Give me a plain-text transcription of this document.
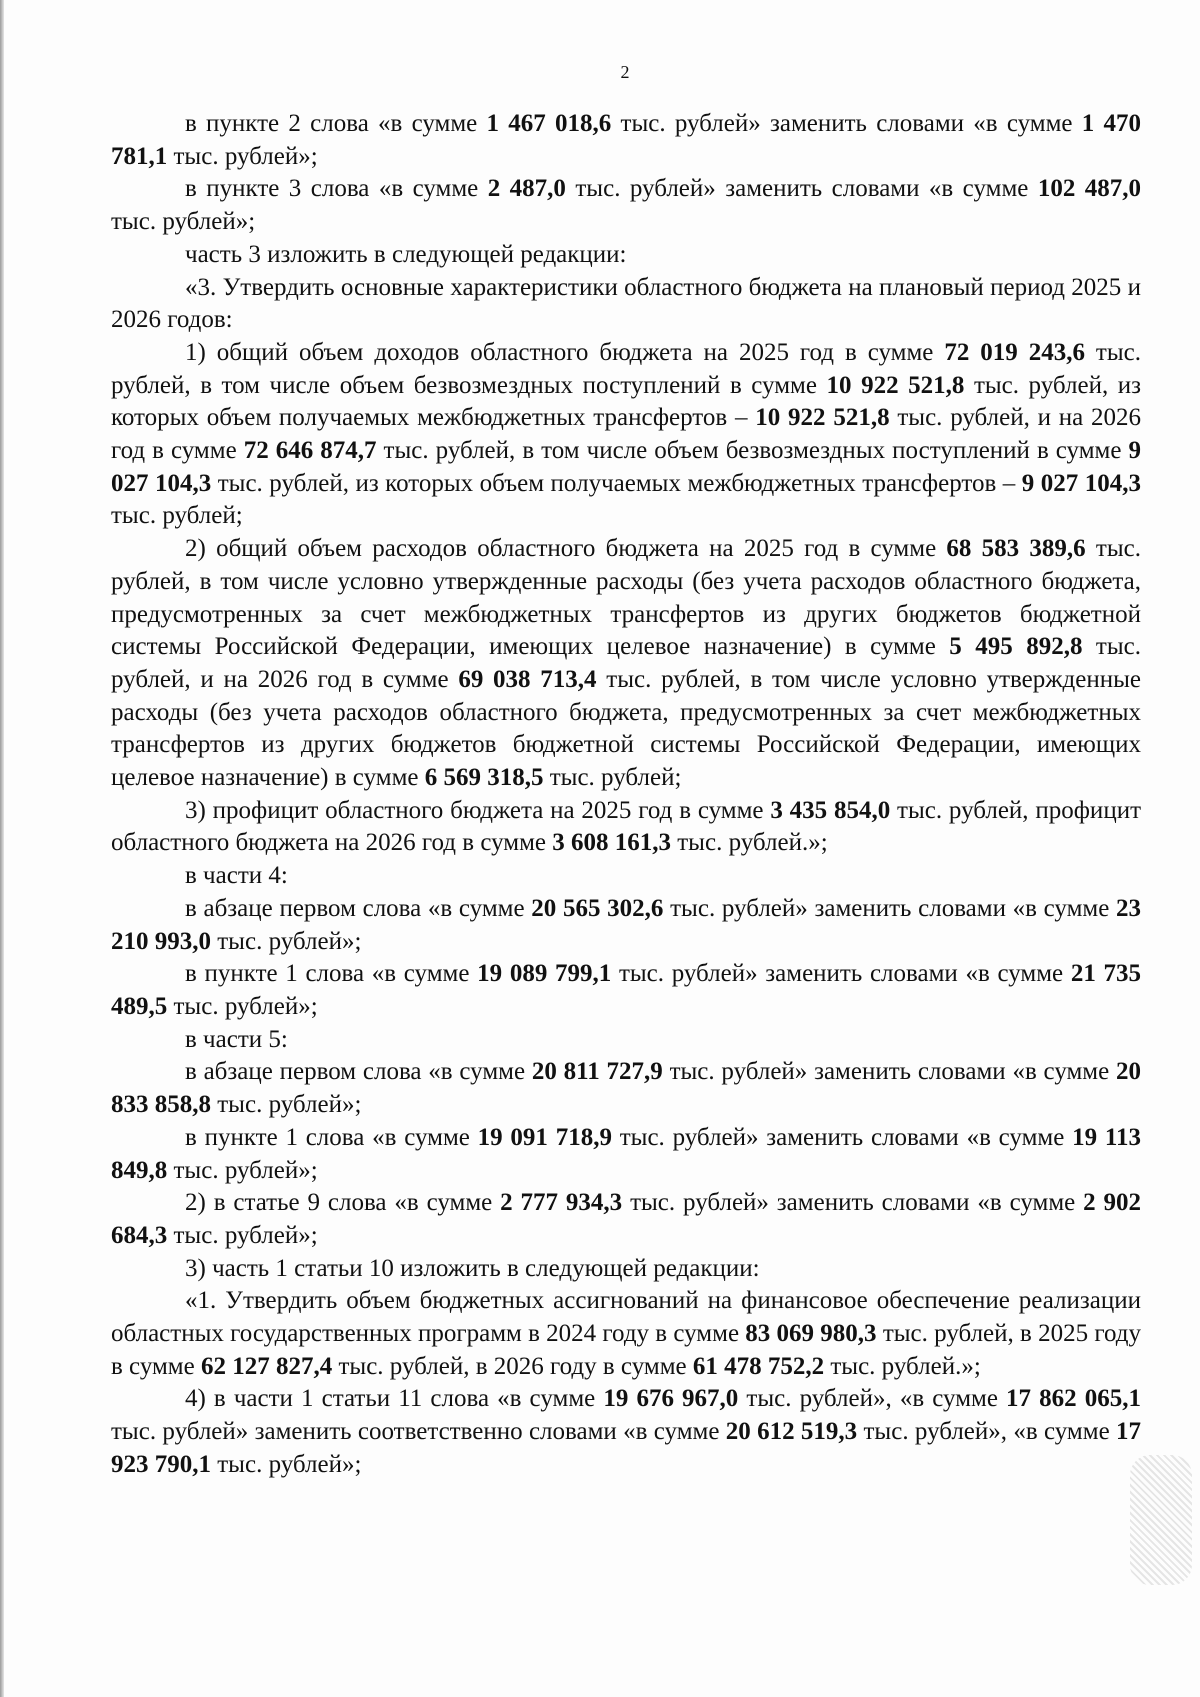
2

в пункте 2 слова «в сумме 1 467 018,6 тыс. рублей» заменить словами «в сумме 1 470 781,1 тыс. рублей»;

в пункте 3 слова «в сумме 2 487,0 тыс. рублей» заменить словами «в сумме 102 487,0 тыс. рублей»;

часть 3 изложить в следующей редакции:

«3. Утвердить основные характеристики областного бюджета на плановый период 2025 и 2026 годов:

1) общий объем доходов областного бюджета на 2025 год в сумме 72 019 243,6 тыс. рублей, в том числе объем безвозмездных поступлений в сумме 10 922 521,8 тыс. рублей, из которых объем получаемых межбюджетных трансфертов – 10 922 521,8 тыс. рублей, и на 2026 год в сумме 72 646 874,7 тыс. рублей, в том числе объем безвозмездных поступлений в сумме 9 027 104,3 тыс. рублей, из которых объем получаемых межбюджетных трансфертов – 9 027 104,3 тыс. рублей;

2) общий объем расходов областного бюджета на 2025 год в сумме 68 583 389,6 тыс. рублей, в том числе условно утвержденные расходы (без учета расходов областного бюджета, предусмотренных за счет межбюджетных трансфертов из других бюджетов бюджетной системы Российской Федерации, имеющих целевое назначение) в сумме 5 495 892,8 тыс. рублей, и на 2026 год в сумме 69 038 713,4 тыс. рублей, в том числе условно утвержденные расходы (без учета расходов областного бюджета, предусмотренных за счет межбюджетных трансфертов из других бюджетов бюджетной системы Российской Федерации, имеющих целевое назначение) в сумме 6 569 318,5 тыс. рублей;

3) профицит областного бюджета на 2025 год в сумме 3 435 854,0 тыс. рублей, профицит областного бюджета на 2026 год в сумме 3 608 161,3 тыс. рублей.»;

в части 4:

в абзаце первом слова «в сумме 20 565 302,6 тыс. рублей» заменить словами «в сумме 23 210 993,0 тыс. рублей»;

в пункте 1 слова «в сумме 19 089 799,1 тыс. рублей» заменить словами «в сумме 21 735 489,5 тыс. рублей»;

в части 5:

в абзаце первом слова «в сумме 20 811 727,9 тыс. рублей» заменить словами «в сумме 20 833 858,8 тыс. рублей»;

в пункте 1 слова «в сумме 19 091 718,9 тыс. рублей» заменить словами «в сумме 19 113 849,8 тыс. рублей»;

2) в статье 9 слова «в сумме 2 777 934,3 тыс. рублей» заменить словами «в сумме 2 902 684,3 тыс. рублей»;

3) часть 1 статьи 10 изложить в следующей редакции:

«1. Утвердить объем бюджетных ассигнований на финансовое обеспечение реализации областных государственных программ в 2024 году в сумме 83 069 980,3 тыс. рублей, в 2025 году в сумме 62 127 827,4 тыс. рублей, в 2026 году в сумме 61 478 752,2 тыс. рублей.»;

4) в части 1 статьи 11 слова «в сумме 19 676 967,0 тыс. рублей», «в сумме 17 862 065,1 тыс. рублей» заменить соответственно словами «в сумме 20 612 519,3 тыс. рублей», «в сумме 17 923 790,1 тыс. рублей»;
